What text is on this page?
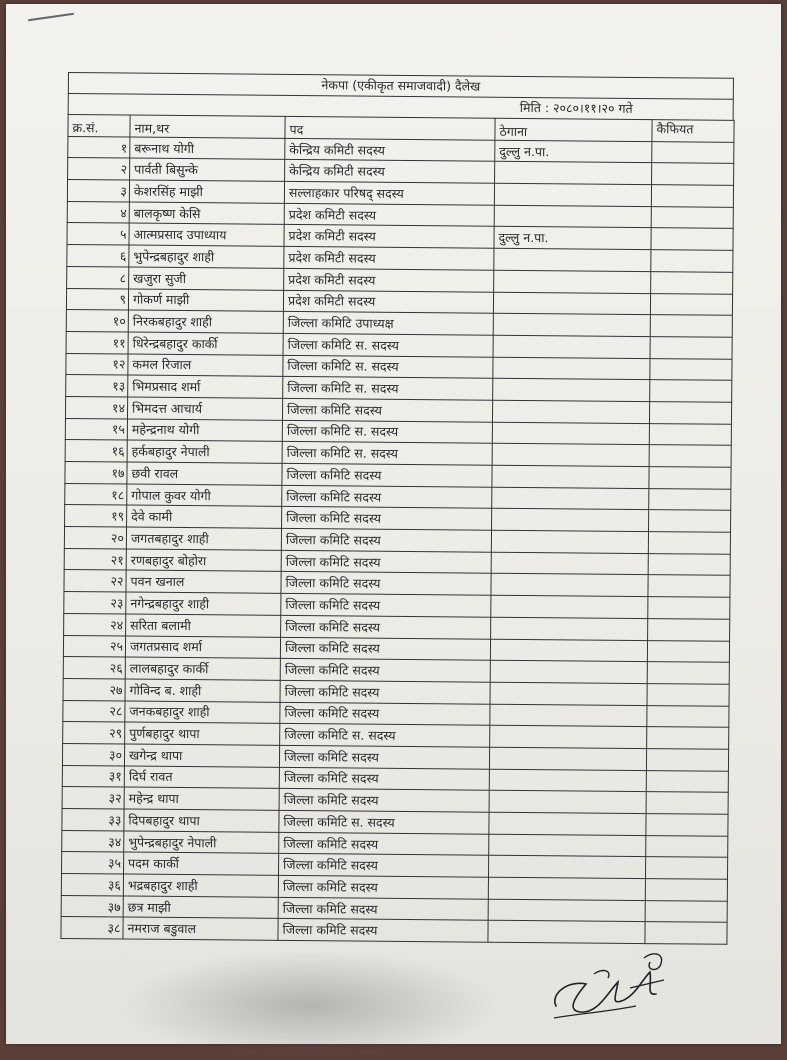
नेकपा (एकीकृत समाजवादी) दैलेख
मिति : २०८०।११।२० गते
क्र.सं.	नाम,थर	पद	ठेगाना	कैफियत
१	बरूनाथ योगी	केन्द्रिय कमिटी सदस्य	दुल्लु न.पा.	
२	पार्वती बिसुन्के	केन्द्रिय कमिटी सदस्य		
३	केशरसिंह माझी	सल्लाहकार परिषद् सदस्य		
४	बालकृष्ण केसि	प्रदेश कमिटी सदस्य		
५	आत्मप्रसाद उपाध्याय	प्रदेश कमिटी सदस्य	दुल्लु न.पा.	
६	भुपेन्द्रबहादुर शाही	प्रदेश कमिटी सदस्य		
८	खजुरा सुजी	प्रदेश कमिटी सदस्य		
९	गोकर्ण माझी	प्रदेश कमिटी सदस्य		
१०	निरकबहादुर शाही	जिल्ला कमिटि उपाध्यक्ष		
११	धिरेन्द्रबहादुर कार्की	जिल्ला कमिटि स. सदस्य		
१२	कमल रिजाल	जिल्ला कमिटि स. सदस्य		
१३	भिमप्रसाद शर्मा	जिल्ला कमिटि स. सदस्य		
१४	भिमदत्त आचार्य	जिल्ला कमिटि सदस्य		
१५	महेन्द्रनाथ योगी	जिल्ला कमिटि स. सदस्य		
१६	हर्कबहादुर नेपाली	जिल्ला कमिटि स. सदस्य		
१७	छवी रावल	जिल्ला कमिटि सदस्य		
१८	गोपाल कुवर योगी	जिल्ला कमिटि सदस्य		
१९	देवे कामी	जिल्ला कमिटि सदस्य		
२०	जगतबहादुर शाही	जिल्ला कमिटि सदस्य		
२१	रणबहादुर बोहोरा	जिल्ला कमिटि सदस्य		
२२	पवन खनाल	जिल्ला कमिटि सदस्य		
२३	नगेन्द्रबहादुर शाही	जिल्ला कमिटि सदस्य		
२४	सरिता बलामी	जिल्ला कमिटि सदस्य		
२५	जगतप्रसाद शर्मा	जिल्ला कमिटि सदस्य		
२६	लालबहादुर कार्की	जिल्ला कमिटि सदस्य		
२७	गोविन्द ब. शाही	जिल्ला कमिटि सदस्य		
२८	जनकबहादुर शाही	जिल्ला कमिटि सदस्य		
२९	पुर्णबहादुर थापा	जिल्ला कमिटि स. सदस्य		
३०	खगेन्द्र थापा	जिल्ला कमिटि सदस्य		
३१	दिर्घ रावत	जिल्ला कमिटि सदस्य		
३२	महेन्द्र थापा	जिल्ला कमिटि सदस्य		
३३	दिपबहादुर थापा	जिल्ला कमिटि स. सदस्य		
३४	भुपेन्द्रबहादुर नेपाली	जिल्ला कमिटि सदस्य		
३५	पदम कार्की	जिल्ला कमिटि सदस्य		
३६	भद्रबहादुर शाही	जिल्ला कमिटि सदस्य		
३७	छत्र माझी	जिल्ला कमिटि सदस्य		
३८	नमराज बडुवाल	जिल्ला कमिटि सदस्य		
